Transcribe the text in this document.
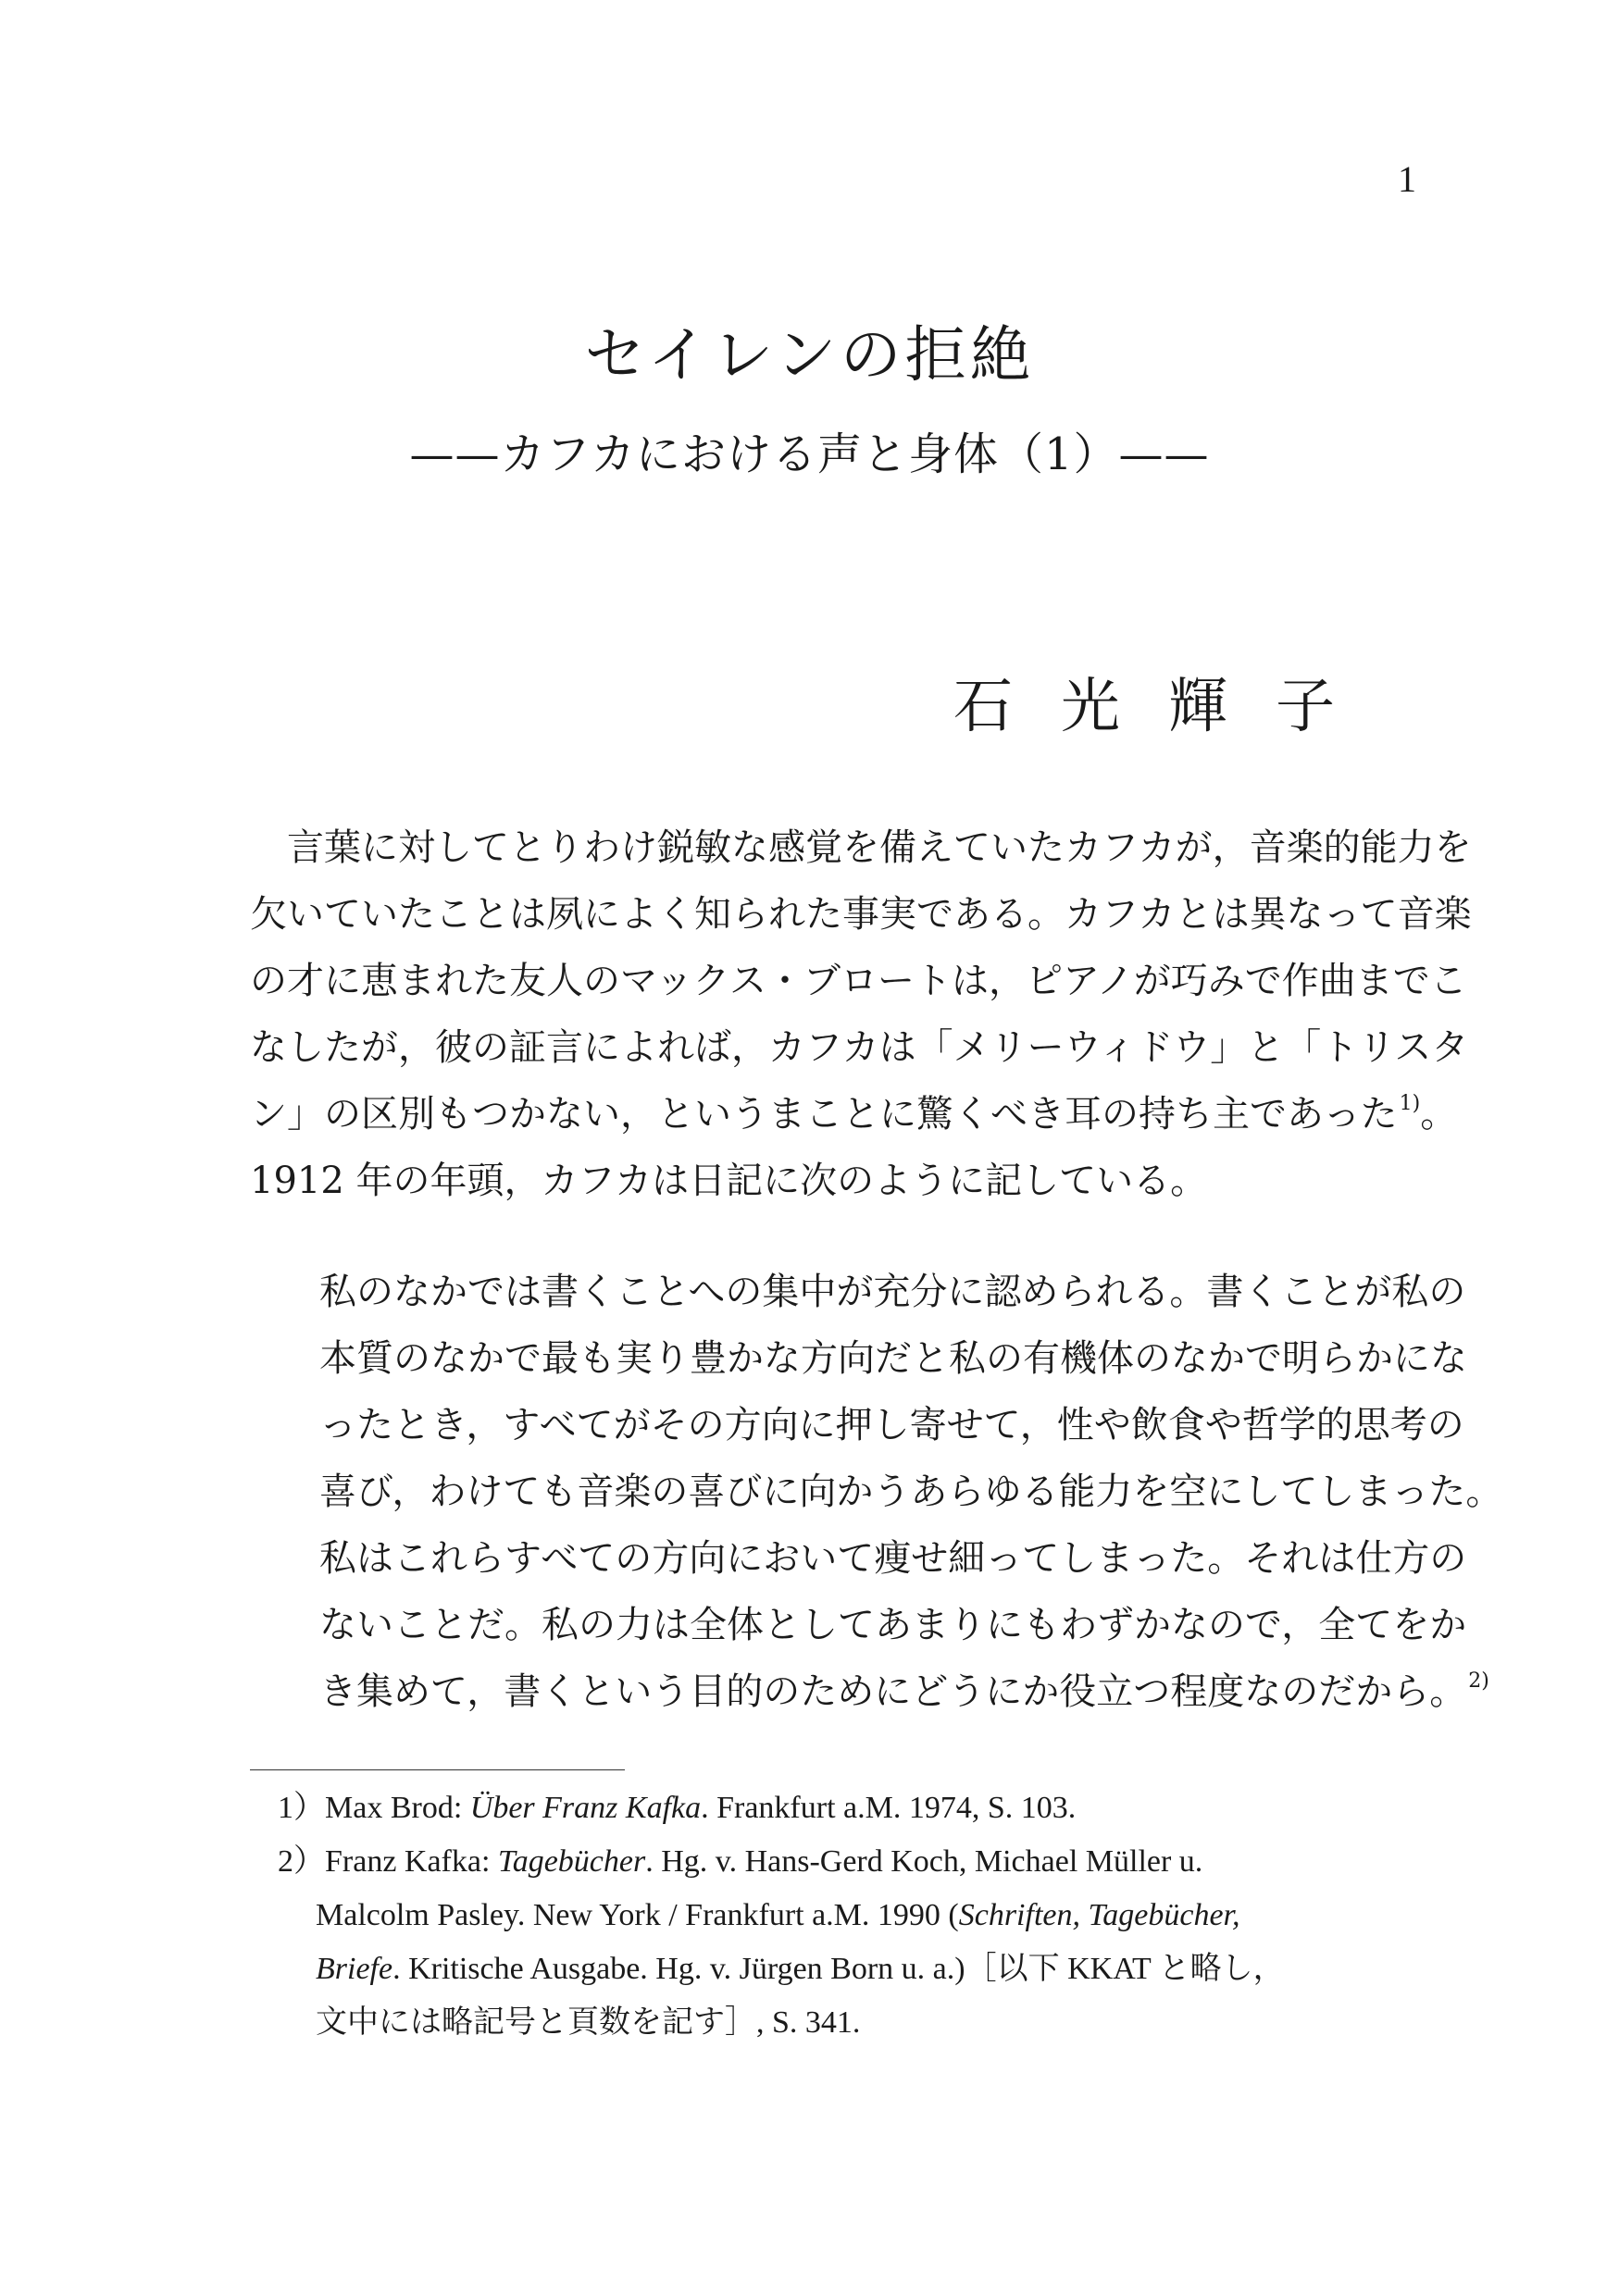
1
セイレンの拒絶
——カフカにおける声と身体（1）——
石光輝子
言葉に対してとりわけ鋭敏な感覚を備えていたカフカが，音楽的能力を
欠いていたことは夙によく知られた事実である。カフカとは異なって音楽
の才に恵まれた友人のマックス・ブロートは，ピアノが巧みで作曲までこ
なしたが，彼の証言によれば，カフカは「メリーウィドウ」と「トリスタ
ン」の区別もつかない，というまことに驚くべき耳の持ち主であった$^{1)}$。
1912 年の年頭，カフカは日記に次のように記している。
私のなかでは書くことへの集中が充分に認められる。書くことが私の
本質のなかで最も実り豊かな方向だと私の有機体のなかで明らかにな
ったとき，すべてがその方向に押し寄せて，性や飲食や哲学的思考の
喜び，わけても音楽の喜びに向かうあらゆる能力を空にしてしまった。
私はこれらすべての方向において痩せ細ってしまった。それは仕方の
ないことだ。私の力は全体としてあまりにもわずかなので，全てをか
き集めて，書くという目的のためにどうにか役立つ程度なのだから。$^{2)}$
1）Max Brod: Über Franz Kafka. Frankfurt a.M. 1974, S. 103.
2）Franz Kafka: Tagebücher. Hg. v. Hans-Gerd Koch, Michael Müller u.
Malcolm Pasley. New York / Frankfurt a.M. 1990 (Schriften, Tagebücher,
Briefe. Kritische Ausgabe. Hg. v. Jürgen Born u. a.)［以下 KKAT と略し，
文中には略記号と頁数を記す］, S. 341.
